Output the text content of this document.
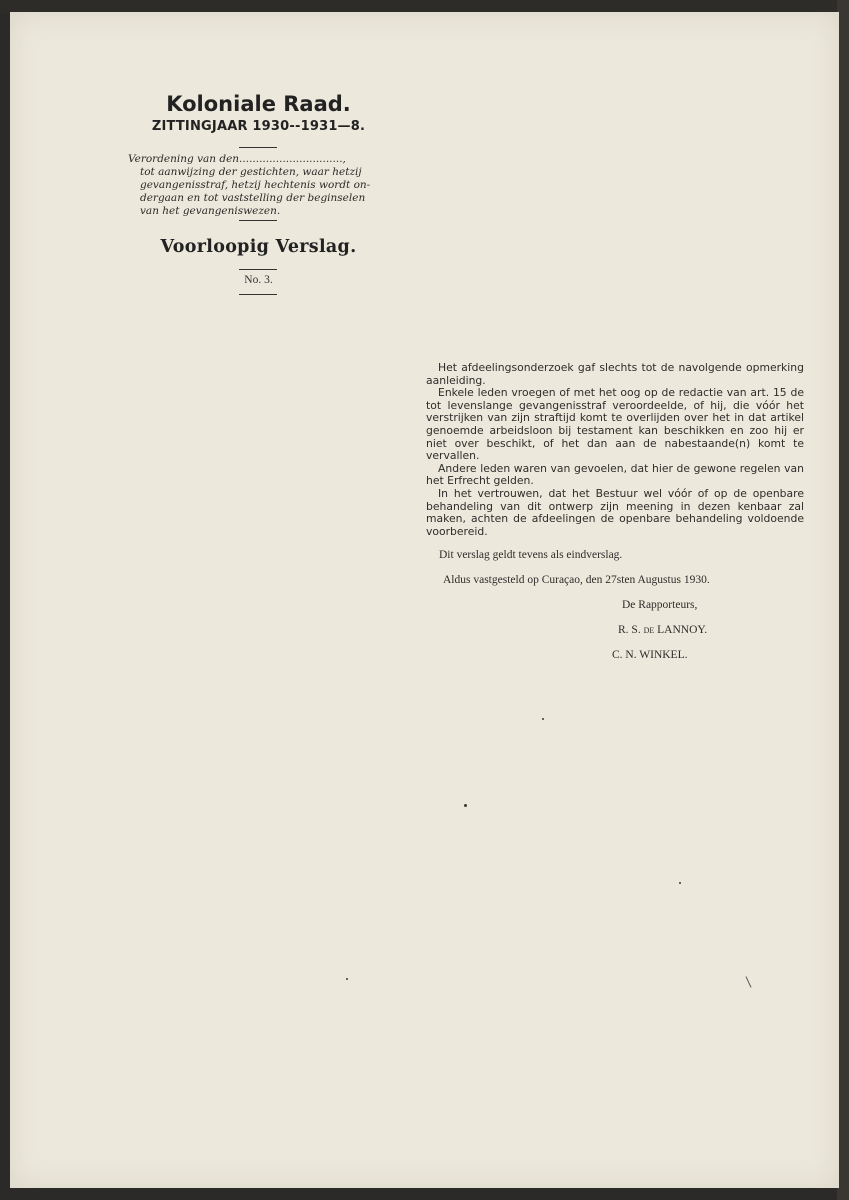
Koloniale Raad.
ZITTINGJAAR 1930--1931—8.
Verordening van den...............................,
tot aanwijzing der gestichten, waar hetzij
gevangenisstraf, hetzij hechtenis wordt on-
dergaan en tot vaststelling der beginselen
van het gevangeniswezen.
Voorloopig Verslag.
No. 3.

Het afdeelingsonderzoek gaf slechts tot de navolgende opmerking aanleiding.

Enkele leden vroegen of met het oog op de redactie van art. 15 de tot levenslange gevangenisstraf veroordeelde, of hij, die vóór het verstrijken van zijn straftijd komt te overlijden over het in dat artikel genoemde arbeidsloon bij testament kan beschikken en zoo hij er niet over beschikt, of het dan aan de nabestaande(n) komt te vervallen.

Andere leden waren van gevoelen, dat hier de gewone regelen van het Erfrecht gelden.

In het vertrouwen, dat het Bestuur wel vóór of op de openbare behandeling van dit ontwerp zijn meening in dezen kenbaar zal maken, achten de afdeelingen de openbare behandeling voldoende voorbereid.

Dit verslag geldt tevens als eindverslag.
Aldus vastgesteld op Curaçao, den 27sten Augustus 1930.
De Rapporteurs,
R. S. de LANNOY.
C. N. WINKEL.
